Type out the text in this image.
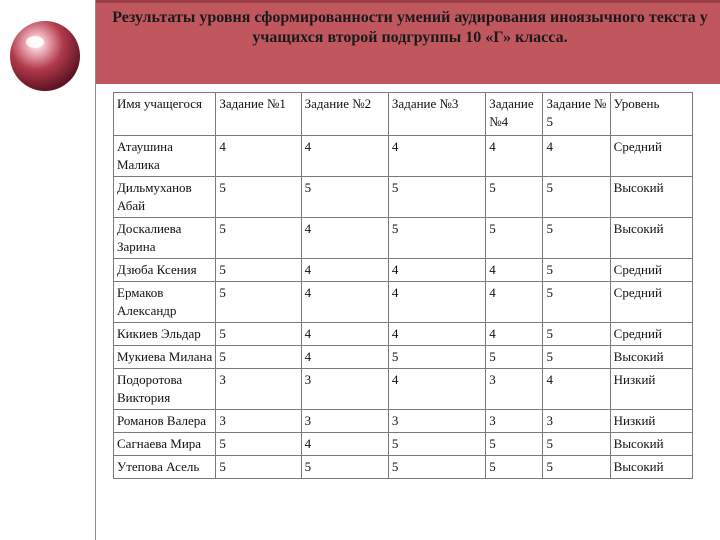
Результаты уровня сформированности умений аудирования иноязычного текста у учащихся второй подгруппы 10 «Г» класса.
Имя учащегося	Задание №1	Задание №2	Задание №3	Задание №4	Задание № 5	Уровень
Атаушина Малика	4	4	4	4	4	Средний
Дильмуханов Абай	5	5	5	5	5	Высокий
Доскалиева Зарина	5	4	5	5	5	Высокий
Дзюба Ксения	5	4	4	4	5	Средний
Ермаков Александр	5	4	4	4	5	Средний
Кикиев Эльдар	5	4	4	4	5	Средний
Мукиева Милана	5	4	5	5	5	Высокий
Подоротова Виктория	3	3	4	3	4	Низкий
Романов Валера	3	3	3	3	3	Низкий
Сагнаева Мира	5	4	5	5	5	Высокий
Утепова Асель	5	5	5	5	5	Высокий
